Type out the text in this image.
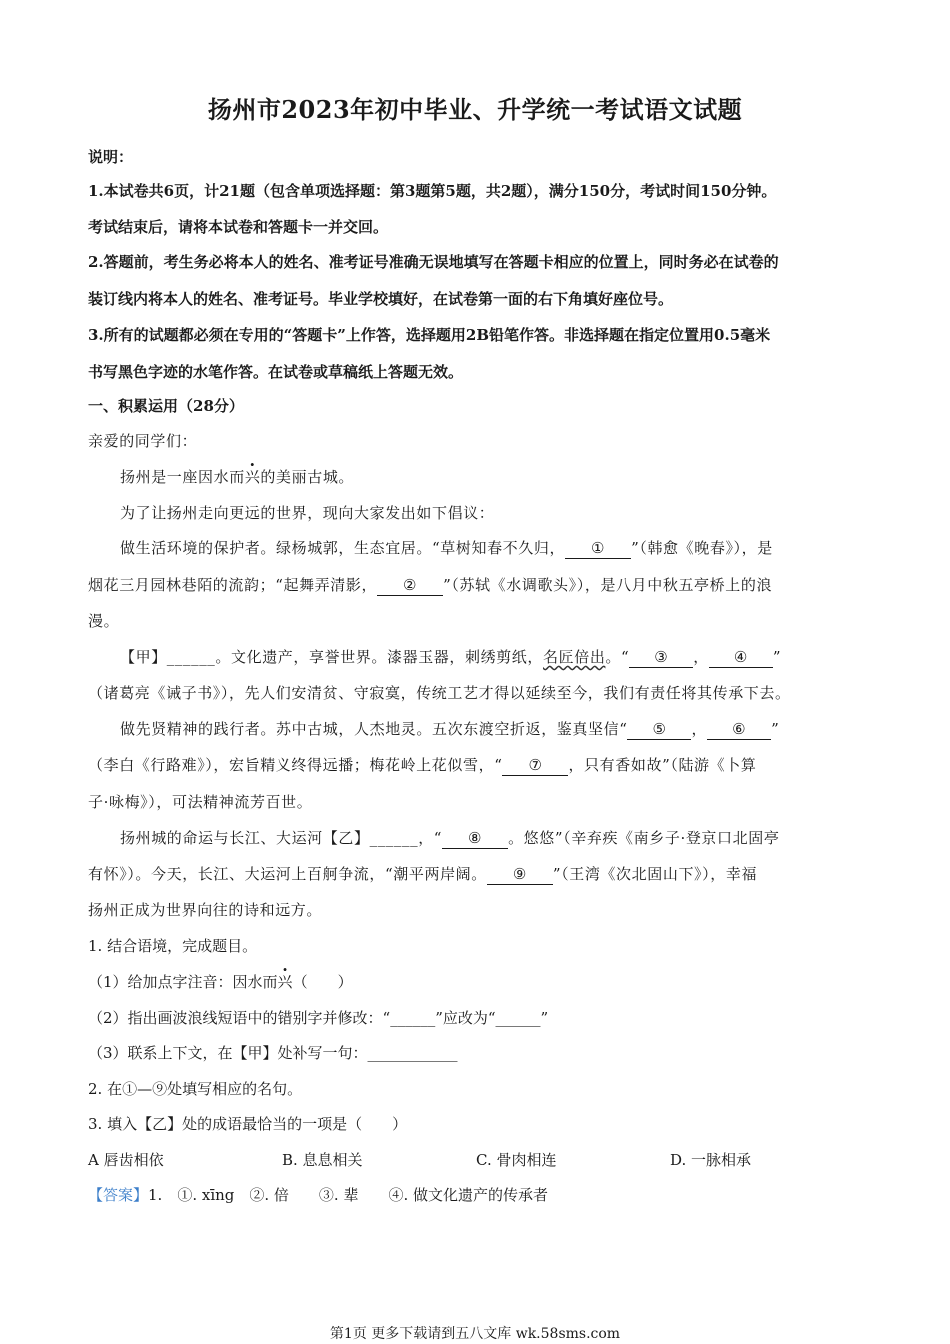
扬州市2023年初中毕业、升学统一考试语文试题
说明：
1.本试卷共6页，计21题（包含单项选择题：第3题第5题，共2题），满分150分，考试时间150分钟。
考试结束后，请将本试卷和答题卡一并交回。
2.答题前，考生务必将本人的姓名、准考证号准确无误地填写在答题卡相应的位置上，同时务必在试卷的
装订线内将本人的姓名、准考证号。毕业学校填好，在试卷第一面的右下角填好座位号。
3.所有的试题都必须在专用的“答题卡”上作答，选择题用2B铅笔作答。非选择题在指定位置用0.5毫米
书写黑色字迹的水笔作答。在试卷或草稿纸上答题无效。
一、积累运用（28分）
亲爱的同学们：
扬州是一座因水而兴的美丽古城。
为了让扬州走向更远的世界，现向大家发出如下倡议：
做生活环境的保护者。绿杨城郭，生态宜居。“草树知春不久归， ① ”（韩愈《晚春》），是
烟花三月园林巷陌的流韵；“起舞弄清影， ② ”（苏轼《水调歌头》），是八月中秋五亭桥上的浪
漫。
【甲】______。文化遗产，享誉世界。漆器玉器，刺绣剪纸，名匠倍出。“ ③ ， ④ ”
（诸葛亮《诫子书》），先人们安清贫、守寂寞，传统工艺才得以延续至今，我们有责任将其传承下去。
做先贤精神的践行者。苏中古城，人杰地灵。五次东渡空折返，鉴真坚信“ ⑤ ， ⑥ ”
（李白《行路难》），宏旨精义终得远播；梅花岭上花似雪，“ ⑦ ，只有香如故”（陆游《卜算
子·咏梅》），可法精神流芳百世。
扬州城的命运与长江、大运河【乙】______，“ ⑧ 。悠悠”（辛弃疾《南乡子·登京口北固亭
有怀》）。今天，长江、大运河上百舸争流，“潮平两岸阔。 ⑨ ”（王湾《次北固山下》），幸福
扬州正成为世界向往的诗和远方。
1. 结合语境，完成题目。
（1）给加点字注音：因水而兴（　　）
（2）指出画波浪线短语中的错别字并修改：“______”应改为“______”
（3）联系上下文，在【甲】处补写一句：____________
2. 在①—⑨处填写相应的名句。
3. 填入【乙】处的成语最恰当的一项是（　　）
A 唇齿相依	B. 息息相关	C. 骨肉相连	D. 一脉相承
【答案】1.　①. xīng　②. 倍　　③. 辈　　④. 做文化遗产的传承者
第1页 更多下载请到五八文库 wk.58sms.com
